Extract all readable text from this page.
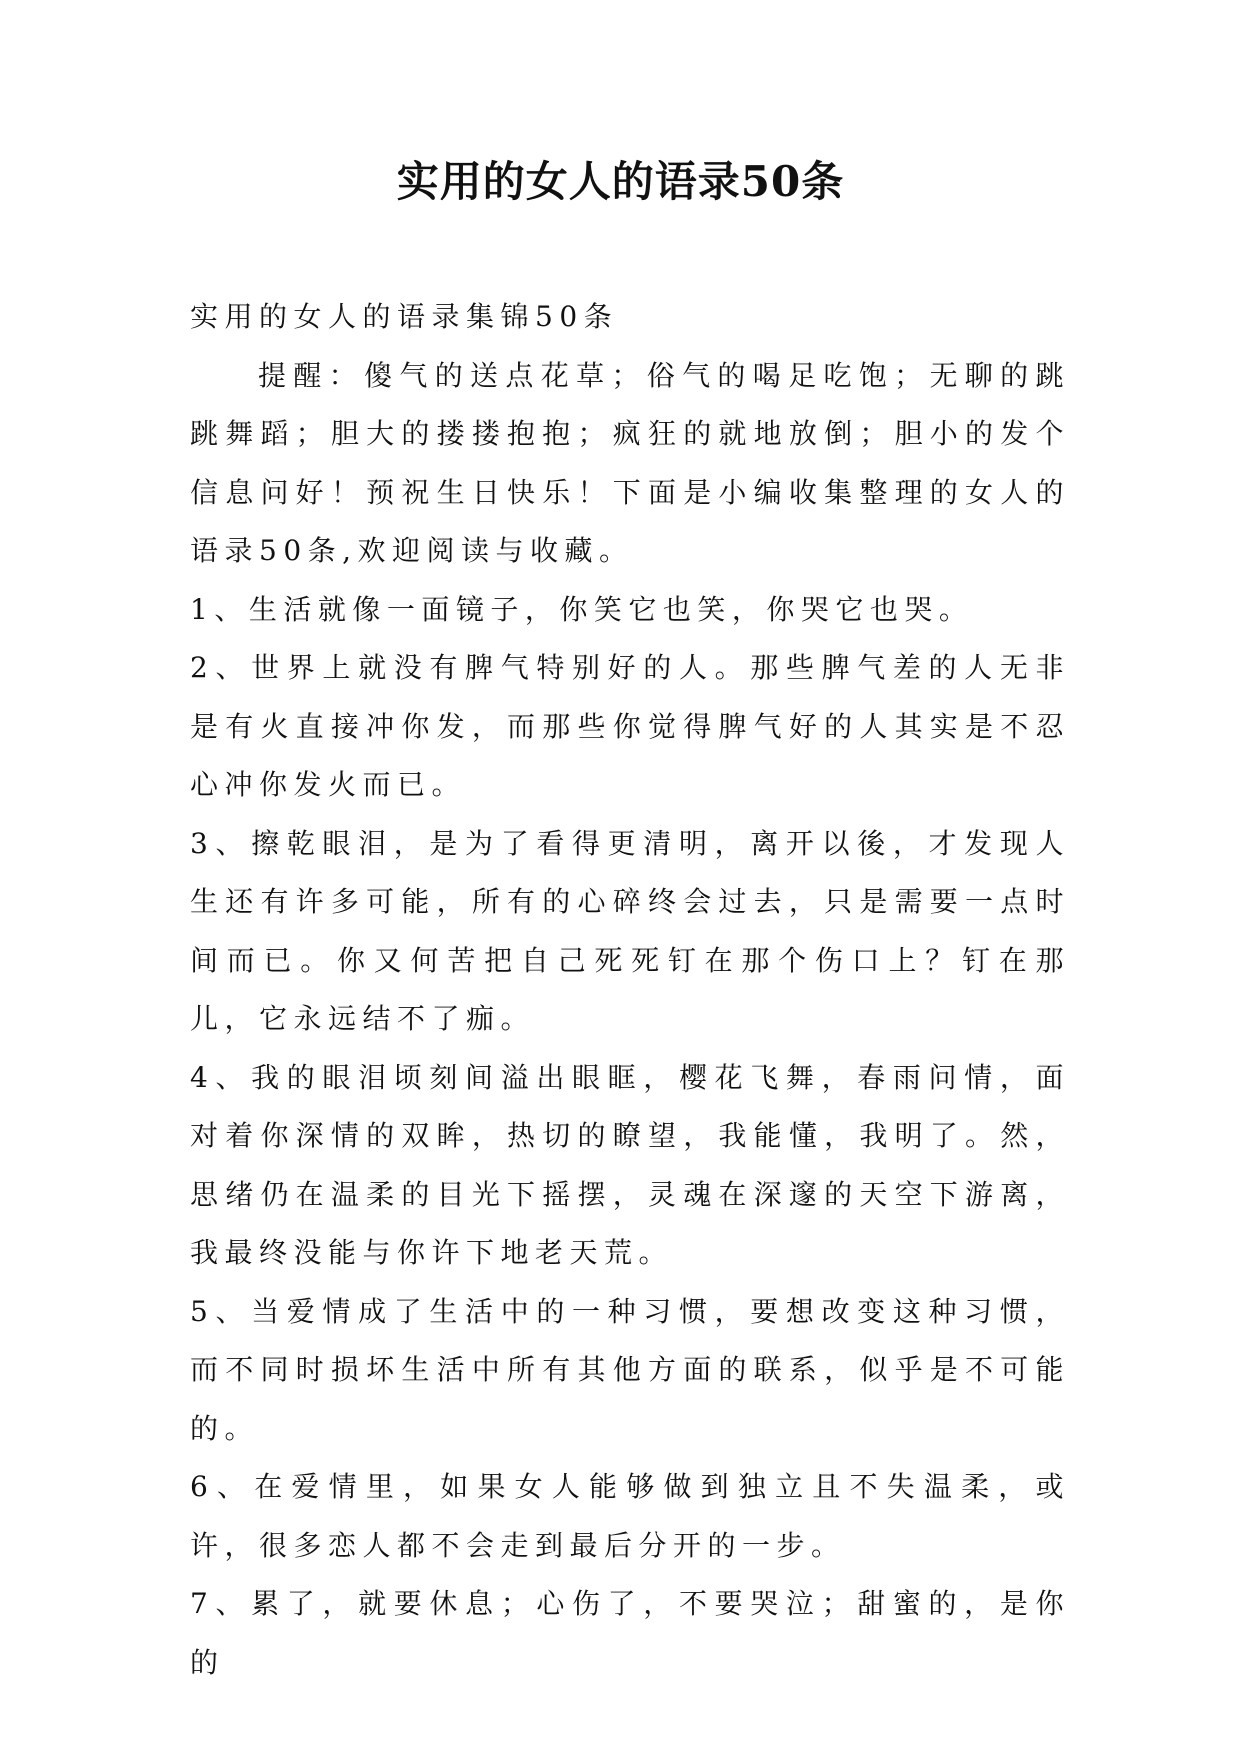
实用的女人的语录50条

实用的女人的语录集锦50条

提醒：傻气的送点花草；俗气的喝足吃饱；无聊的跳跳舞蹈；胆大的搂搂抱抱；疯狂的就地放倒；胆小的发个信息问好！预祝生日快乐！下面是小编收集整理的女人的语录50条,欢迎阅读与收藏。

1、生活就像一面镜子，你笑它也笑，你哭它也哭。

2、世界上就没有脾气特别好的人。那些脾气差的人无非是有火直接冲你发，而那些你觉得脾气好的人其实是不忍心冲你发火而已。

3、擦乾眼泪，是为了看得更清明，离开以後，才发现人生还有许多可能，所有的心碎终会过去，只是需要一点时间而已。你又何苦把自己死死钉在那个伤口上？钉在那儿，它永远结不了痂。

4、我的眼泪顷刻间溢出眼眶，樱花飞舞，春雨问情，面对着你深情的双眸，热切的瞭望，我能懂，我明了。然，思绪仍在温柔的目光下摇摆，灵魂在深邃的天空下游离，我最终没能与你许下地老天荒。

5、当爱情成了生活中的一种习惯，要想改变这种习惯，而不同时损坏生活中所有其他方面的联系，似乎是不可能的。

6、在爱情里，如果女人能够做到独立且不失温柔，或许，很多恋人都不会走到最后分开的一步。

7、累了，就要休息；心伤了，不要哭泣；甜蜜的，是你的
